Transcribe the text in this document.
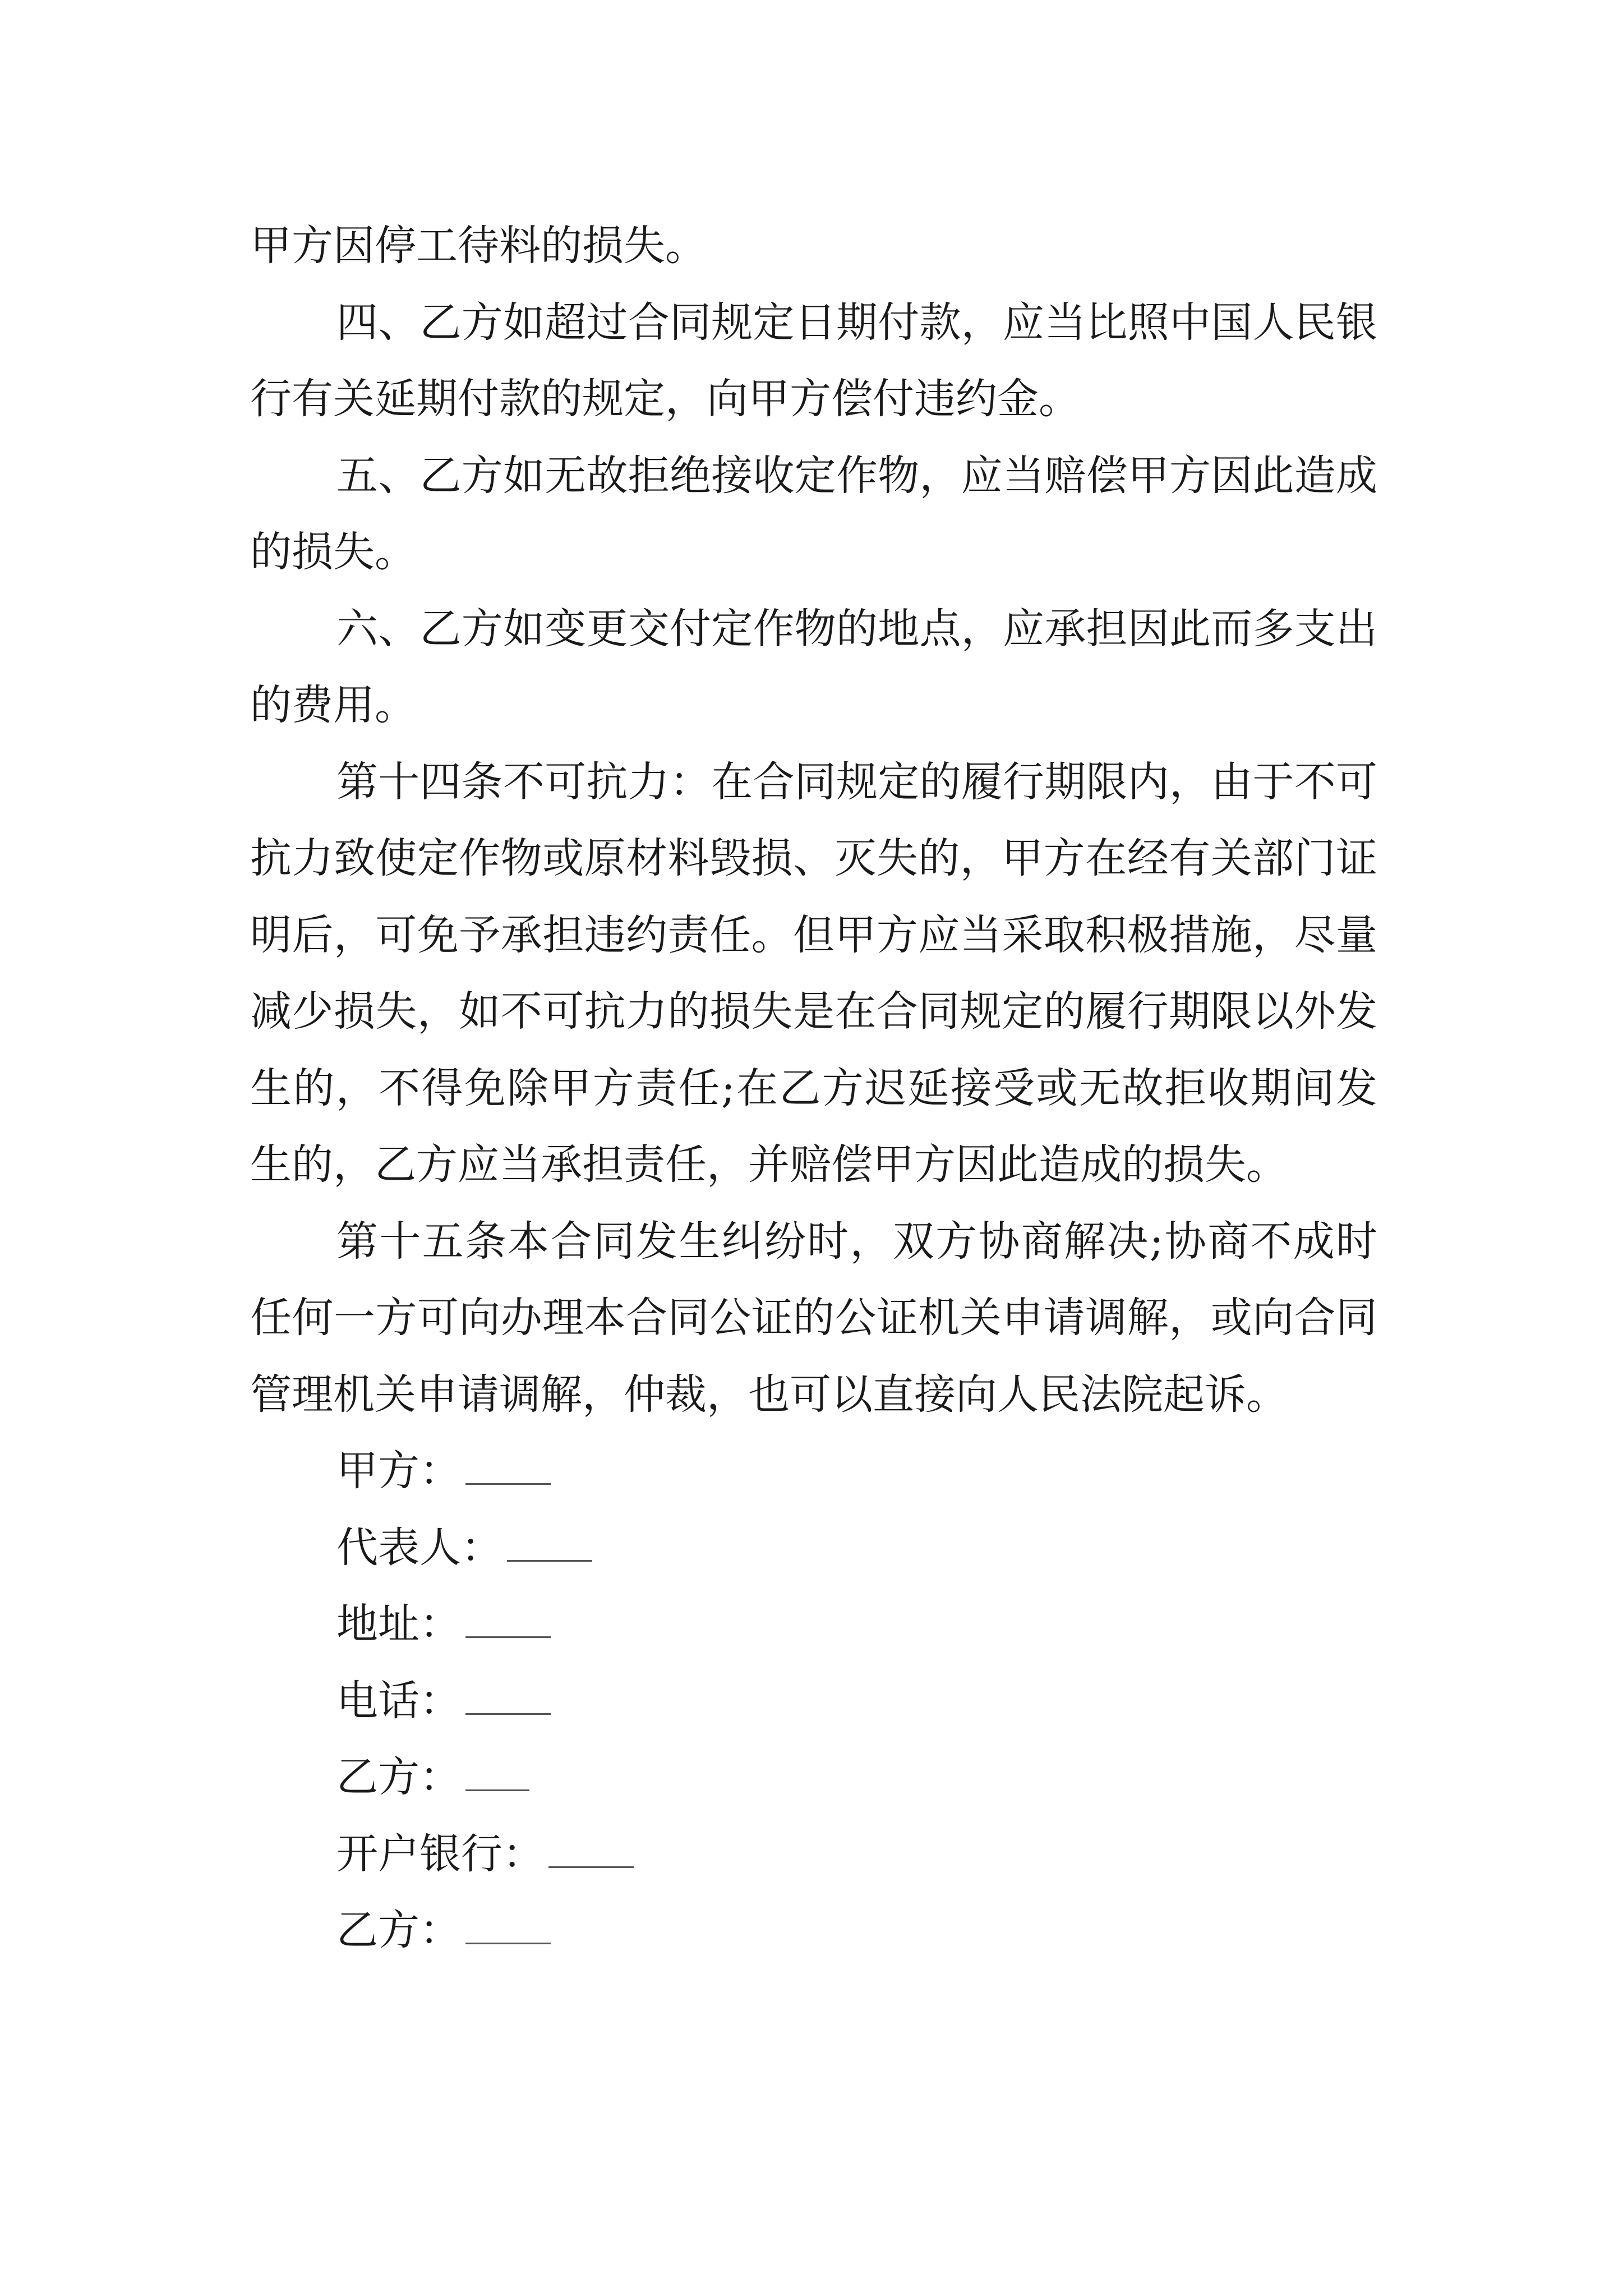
甲方因停工待料的损失。

四、乙方如超过合同规定日期付款，应当比照中国人民银行有关延期付款的规定，向甲方偿付违约金。

五、乙方如无故拒绝接收定作物，应当赔偿甲方因此造成的损失。

六、乙方如变更交付定作物的地点，应承担因此而多支出的费用。

第十四条不可抗力：在合同规定的履行期限内，由于不可抗力致使定作物或原材料毁损、灭失的，甲方在经有关部门证明后，可免予承担违约责任。但甲方应当采取积极措施，尽量减少损失，如不可抗力的损失是在合同规定的履行期限以外发生的，不得免除甲方责任;在乙方迟延接受或无故拒收期间发生的，乙方应当承担责任，并赔偿甲方因此造成的损失。

第十五条本合同发生纠纷时，双方协商解决;协商不成时任何一方可向办理本合同公证的公证机关申请调解，或向合同管理机关申请调解，仲裁，也可以直接向人民法院起诉。

甲方：
代表人：
地址：
电话：
乙方：
开户银行：
乙方：
